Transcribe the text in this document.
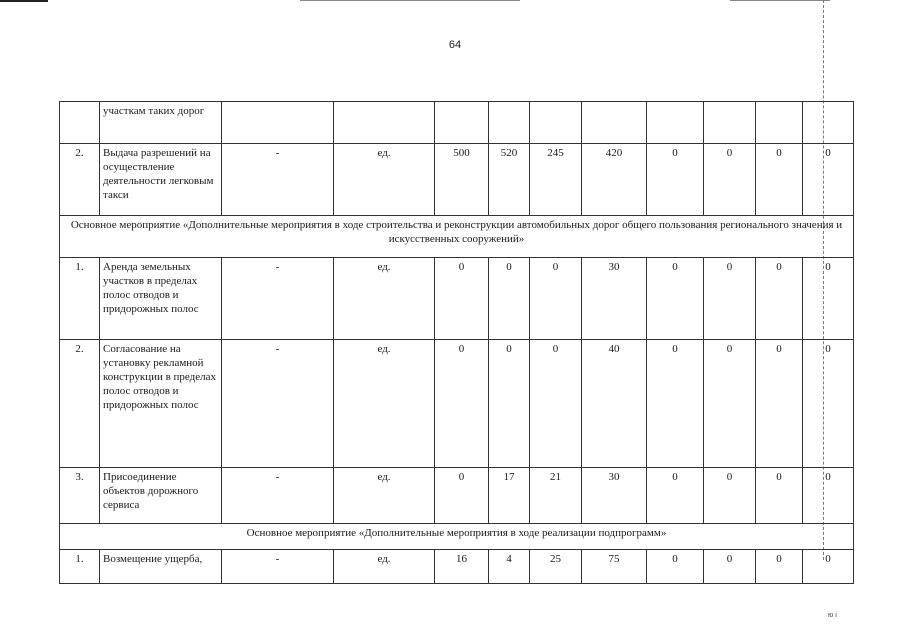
64
	участкам таких дорог										
2.	Выдача разрешений на осуществление деятельности легковым такси	-	ед.	500	520	245	420	0	0	0	0
Основное мероприятие «Дополнительные мероприятия в ходе строительства и реконструкции автомобильных дорог общего пользования регионального значения и искусственных сооружений»											
1.	Аренда земельных участков в пределах полос отводов и придорожных полос	-	ед.	0	0	0	30	0	0	0	0
2.	Согласование на установку рекламной конструкции в пределах полос отводов и придорожных полос	-	ед.	0	0	0	40	0	0	0	0
3.	Присоединение объектов дорожного сервиса	-	ед.	0	17	21	30	0	0	0	0
Основное мероприятие «Дополнительные мероприятия в ходе реализации подпрограмм»											
1.	Возмещение ущерба,	-	ед.	16	4	25	75	0	0	0	0
ю і
